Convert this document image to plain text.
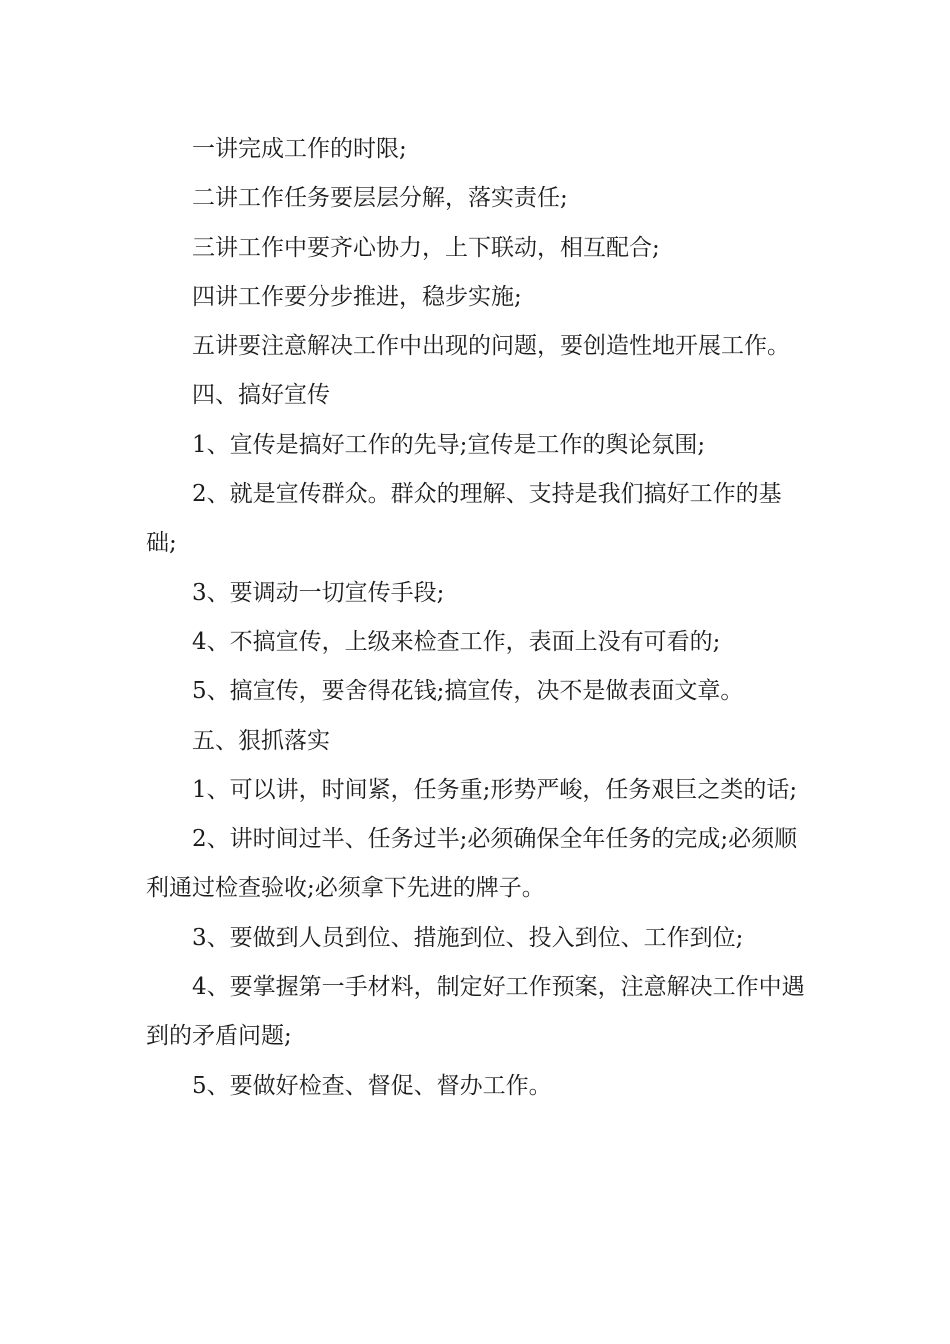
一讲完成工作的时限;

二讲工作任务要层层分解，落实责任;

三讲工作中要齐心协力，上下联动，相互配合;

四讲工作要分步推进，稳步实施;

五讲要注意解决工作中出现的问题，要创造性地开展工作。

四、搞好宣传

1、宣传是搞好工作的先导;宣传是工作的舆论氛围;

2、就是宣传群众。群众的理解、支持是我们搞好工作的基础;

3、要调动一切宣传手段;

4、不搞宣传，上级来检查工作，表面上没有可看的;

5、搞宣传，要舍得花钱;搞宣传，决不是做表面文章。

五、狠抓落实

1、可以讲，时间紧，任务重;形势严峻，任务艰巨之类的话;

2、讲时间过半、任务过半;必须确保全年任务的完成;必须顺利通过检查验收;必须拿下先进的牌子。

3、要做到人员到位、措施到位、投入到位、工作到位;

4、要掌握第一手材料，制定好工作预案，注意解决工作中遇到的矛盾问题;

5、要做好检查、督促、督办工作。
